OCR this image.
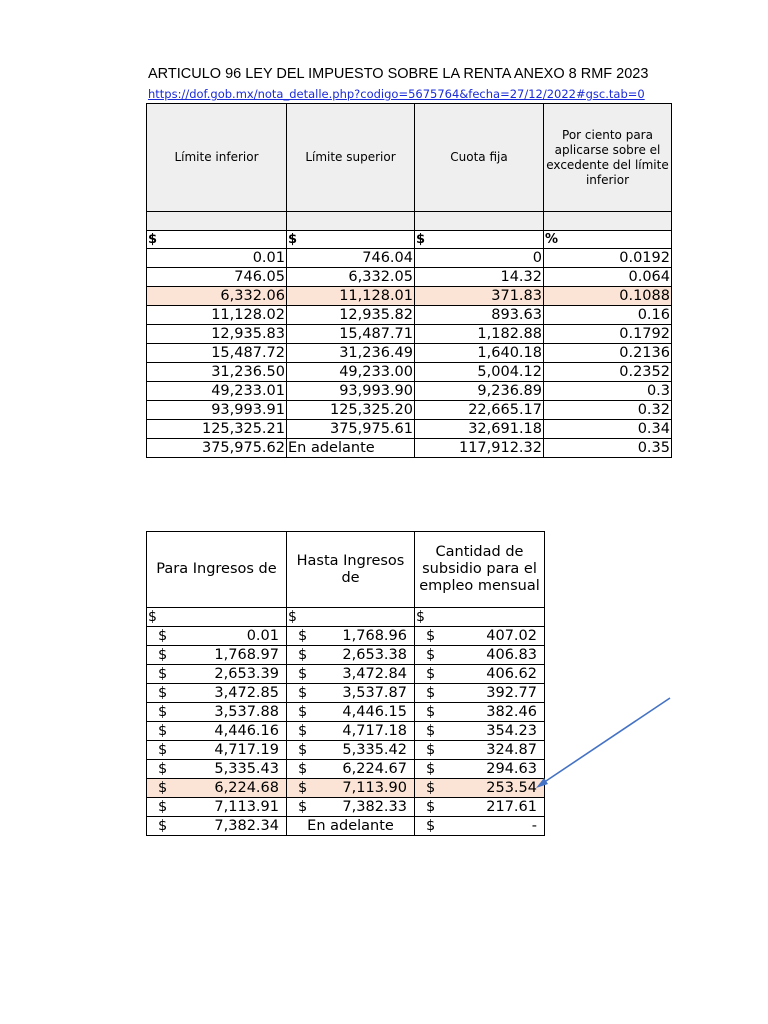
ARTICULO 96 LEY DEL IMPUESTO SOBRE LA RENTA ANEXO 8 RMF 2023
https://dof.gob.mx/nota_detalle.php?codigo=5675764&fecha=27/12/2022#gsc.tab=0
Límite inferior	Límite superior	Cuota fija	Por ciento para aplicarse sobre el excedente del límite inferior

$	$	$	%
0.01	746.04	0	0.0192
746.05	6,332.05	14.32	0.064
6,332.06	11,128.01	371.83	0.1088
11,128.02	12,935.82	893.63	0.16
12,935.83	15,487.71	1,182.88	0.1792
15,487.72	31,236.49	1,640.18	0.2136
31,236.50	49,233.00	5,004.12	0.2352
49,233.01	93,993.90	9,236.89	0.3
93,993.91	125,325.20	22,665.17	0.32
125,325.21	375,975.61	32,691.18	0.34
375,975.62	En adelante	117,912.32	0.35
Para Ingresos de	Hasta Ingresos de	Cantidad de subsidio para el empleo mensual
$	$	$

$ 0.01	$ 1,768.96	$ 407.02

$ 1,768.97	$ 2,653.38	$ 406.83

$ 2,653.39	$ 3,472.84	$ 406.62

$ 3,472.85	$ 3,537.87	$ 392.77

$ 3,537.88	$ 4,446.15	$ 382.46

$ 4,446.16	$ 4,717.18	$ 354.23

$ 4,717.19	$ 5,335.42	$ 324.87

$ 5,335.43	$ 6,224.67	$ 294.63

$ 6,224.68	$ 7,113.90	$ 253.54

$ 7,113.91	$ 7,382.33	$ 217.61

$ 7,382.34	En adelante	$ -
